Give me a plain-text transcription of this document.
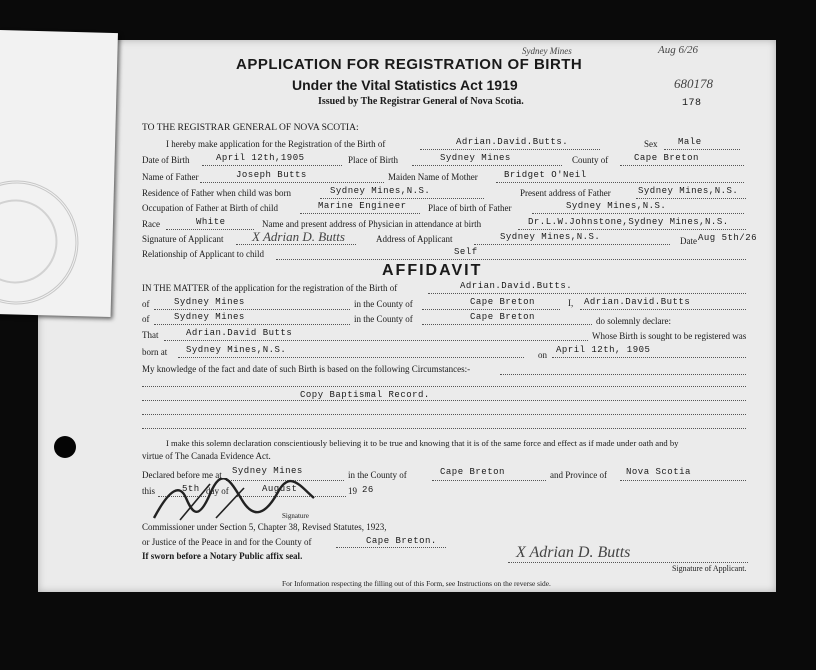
APPLICATION FOR REGISTRATION OF BIRTH
Under the Vital Statistics Act 1919
Issued by The Registrar General of Nova Scotia.
Sydney Mines	Aug 6/26
680178
178
TO THE REGISTRAR GENERAL OF NOVA SCOTIA:
I hereby make application for the Registration of the Birth of	Adrian.David.Butts.	Sex Male
Date of Birth	April 12th,1905	Place of Birth	Sydney Mines	County of	Cape Breton
Name of Father	Joseph Butts	Maiden Name of Mother	Bridget O'Neil
Residence of Father when child was born	Sydney Mines,N.S.	Present address of Father	Sydney Mines,N.S.
Occupation of Father at Birth of child	Marine Engineer Place of birth of Father	Sydney Mines,N.S.
Race	White	Name and present address of Physician in attendance at birth	Dr.L.W.Johnstone,Sydney Mines,N.S.
Signature of Applicant X Adrian D. Butts	Address of Applicant	Sydney Mines,N.S.	Date Aug 5th/26
Relationship of Applicant to child	Self
AFFIDAVIT
IN THE MATTER of the application for the registration of the Birth of	Adrian.David.Butts.
of	Sydney Mines	in the County of	Cape Breton	I, Adrian.David.Butts
of	Sydney Mines	in the County of	Cape Breton	do solemnly declare:
That	Adrian.David Butts	Whose Birth is sought to be registered was
born at Sydney Mines,N.S.	on April 12th, 1905
My knowledge of the fact and date of such Birth is based on the following Circumstances:-
Copy Baptismal Record.
I make this solemn declaration conscientiously believing it to be true and knowing that it is of the same force and effect as if made under oath and by
virtue of The Canada Evidence Act.
Declared before me at Sydney Mines	in the County of	Cape Breton	and Province of Nova Scotia
this	5th day of	August	19 26
Signature
Commissioner under Section 5, Chapter 38, Revised Statutes, 1923,
or Justice of the Peace in and for the County of	Cape Breton.
If sworn before a Notary Public affix seal.	X Adrian D. Butts
Signature of Applicant.
For Information respecting the filling out of this Form, see Instructions on the reverse side.
